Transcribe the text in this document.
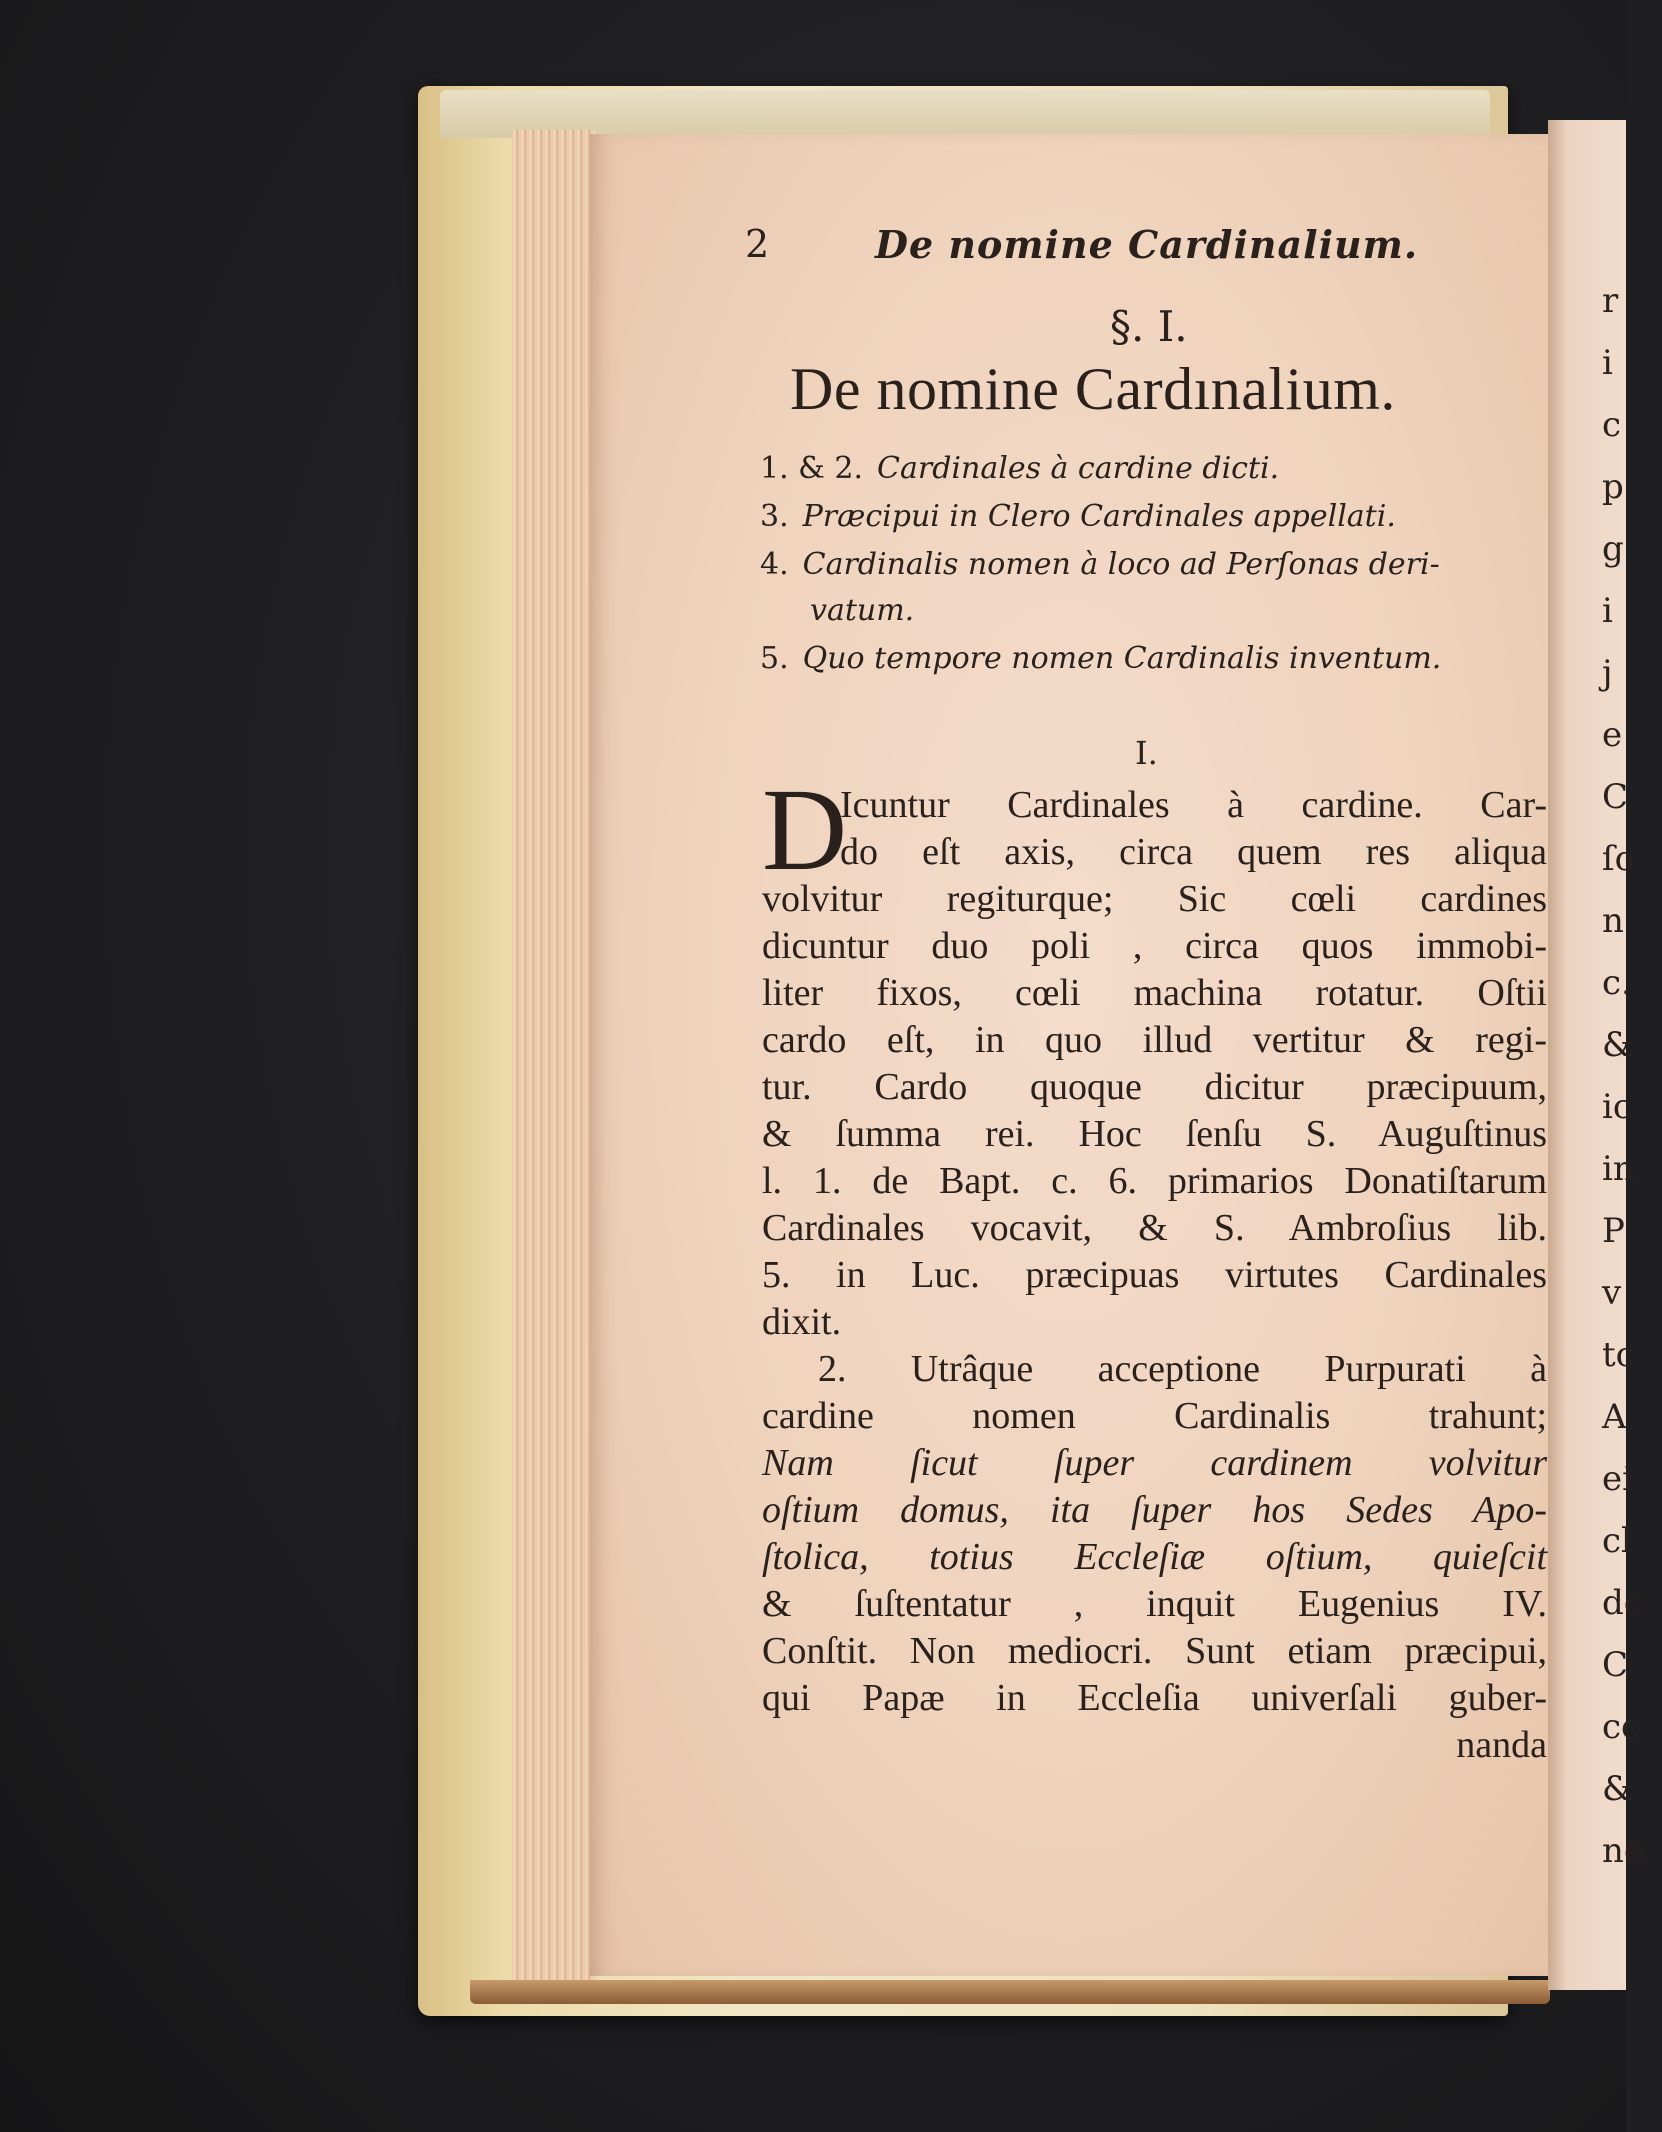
r
i
c
p
g
i
j
e
C
ſo
n
c.
&
ic
in
P
v
tc
A
ei
cl
dc
C
cc
&
ne
2	De nomine Cardinalium.
§. I.
De nomine Cardınalium.
1. & 2. Cardinales à cardine dicti.
3. Præcipui in Clero Cardinales appellati.
4. Cardinalis nomen à loco ad Perſonas deri-
vatum.
5. Quo tempore nomen Cardinalis inventum.
I.
D
Icuntur Cardinales à cardine. Car-
do eſt axis, circa quem res aliqua
volvitur regiturque; Sic cœli cardines
dicuntur duo poli , circa quos immobi-
liter fixos, cœli machina rotatur. Oſtii
cardo eſt, in quo illud vertitur & regi-
tur. Cardo quoque dicitur præcipuum,
& ſumma rei. Hoc ſenſu S. Auguſtinus
l. 1. de Bapt. c. 6. primarios Donatiſtarum
Cardinales vocavit, & S. Ambroſius lib.
5. in Luc. præcipuas virtutes Cardinales
dixit.
2. Utrâque acceptione Purpurati à
cardine nomen Cardinalis trahunt;
Nam ſicut ſuper cardinem volvitur
oſtium domus, ita ſuper hos Sedes Apo-
ſtolica, totius Eccleſiæ oſtium, quieſcit
& ſuſtentatur , inquit Eugenius IV.
Conſtit. Non mediocri. Sunt etiam præcipui,
qui Papæ in Eccleſia univerſali guber-
nanda
